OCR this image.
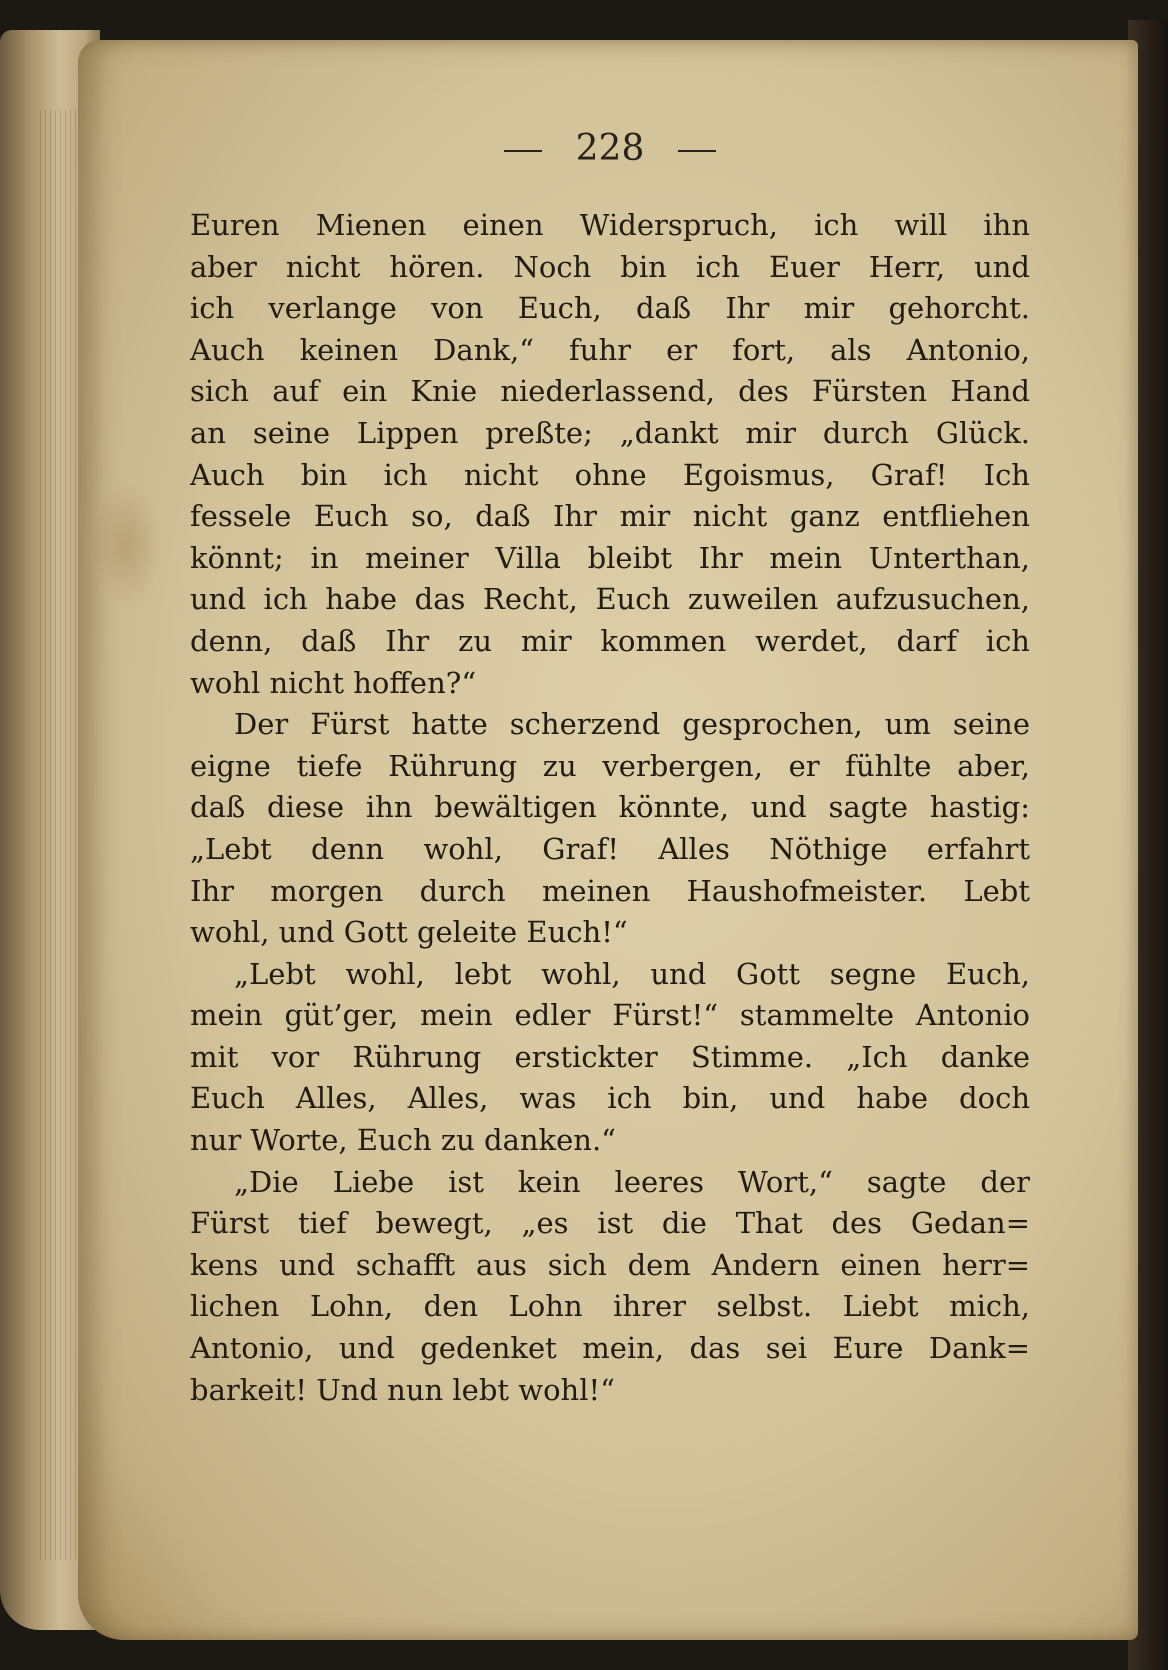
228
Euren Mienen einen Widerspruch, ich will ihn
aber nicht hören. Noch bin ich Euer Herr, und
ich verlange von Euch, daß Ihr mir gehorcht.
Auch keinen Dank,“ fuhr er fort, als Antonio,
sich auf ein Knie niederlassend, des Fürsten Hand
an seine Lippen preßte; „dankt mir durch Glück.
Auch bin ich nicht ohne Egoismus, Graf! Ich
fessele Euch so, daß Ihr mir nicht ganz entfliehen
könnt; in meiner Villa bleibt Ihr mein Unterthan,
und ich habe das Recht, Euch zuweilen aufzusuchen,
denn, daß Ihr zu mir kommen werdet, darf ich
wohl nicht hoffen?“
Der Fürst hatte scherzend gesprochen, um seine
eigne tiefe Rührung zu verbergen, er fühlte aber,
daß diese ihn bewältigen könnte, und sagte hastig:
„Lebt denn wohl, Graf! Alles Nöthige erfahrt
Ihr morgen durch meinen Haushofmeister. Lebt
wohl, und Gott geleite Euch!“
„Lebt wohl, lebt wohl, und Gott segne Euch,
mein güt’ger, mein edler Fürst!“ stammelte Antonio
mit vor Rührung erstickter Stimme. „Ich danke
Euch Alles, Alles, was ich bin, und habe doch
nur Worte, Euch zu danken.“
„Die Liebe ist kein leeres Wort,“ sagte der
Fürst tief bewegt, „es ist die That des Gedan=
kens und schafft aus sich dem Andern einen herr=
lichen Lohn, den Lohn ihrer selbst. Liebt mich,
Antonio, und gedenket mein, das sei Eure Dank=
barkeit! Und nun lebt wohl!“
